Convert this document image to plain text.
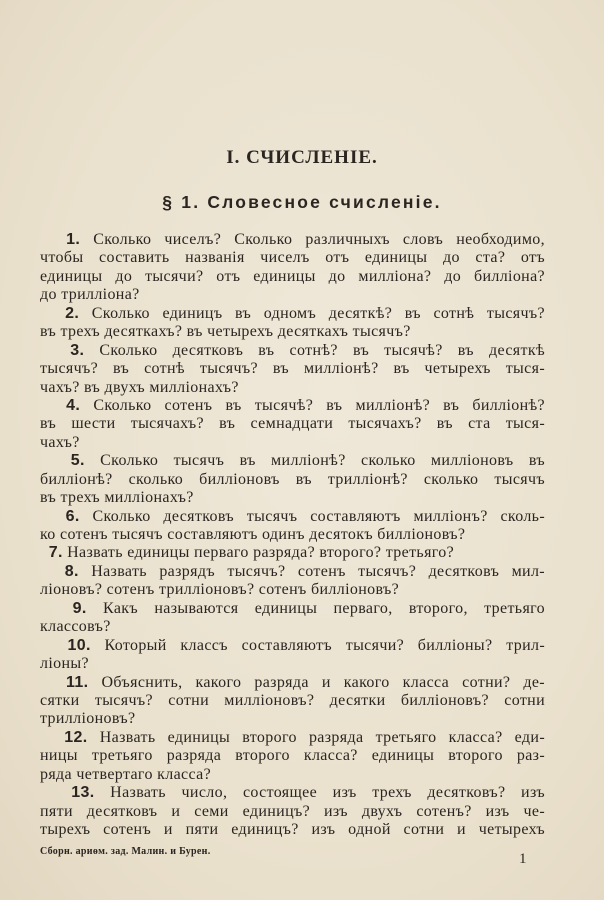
I. СЧИСЛЕНІЕ.
§ 1. Словесное счисленіе.
1. Сколько чиселъ? Сколько различныхъ словъ необходимо,
чтобы составить названія чиселъ отъ единицы до ста? отъ
единицы до тысячи? отъ единицы до милліона? до билліона?
до трилліона?
2. Сколько единицъ въ одномъ десяткѣ? въ сотнѣ тысячъ?
въ трехъ десяткахъ? въ четырехъ десяткахъ тысячъ?
3. Сколько десятковъ въ сотнѣ? въ тысячѣ? въ десяткѣ
тысячъ? въ сотнѣ тысячъ? въ милліонѣ? въ четырехъ тыся-
чахъ? въ двухъ милліонахъ?
4. Сколько сотенъ въ тысячѣ? въ милліонѣ? въ билліонѣ?
въ шести тысячахъ? въ семнадцати тысячахъ? въ ста тыся-
чахъ?
5. Сколько тысячъ въ милліонѣ? сколько милліоновъ въ
билліонѣ? сколько билліоновъ въ трилліонѣ? сколько тысячъ
въ трехъ милліонахъ?
6. Сколько десятковъ тысячъ составляютъ милліонъ? сколь-
ко сотенъ тысячъ составляютъ одинъ десятокъ билліоновъ?
7. Назвать единицы перваго разряда? второго? третьяго?
8. Назвать разрядъ тысячъ? сотенъ тысячъ? десятковъ мил-
ліоновъ? сотенъ трилліоновъ? сотенъ билліоновъ?
9. Какъ называются единицы перваго, второго, третьяго
классовъ?
10. Который классъ составляютъ тысячи? билліоны? трил-
ліоны?
11. Объяснить, какого разряда и какого класса сотни? де-
сятки тысячъ? сотни милліоновъ? десятки билліоновъ? сотни
трилліоновъ?
12. Назвать единицы второго разряда третьяго класса? еди-
ницы третьяго разряда второго класса? единицы второго раз-
ряда четвертаго класса?
13. Назвать число, состоящее изъ трехъ десятковъ? изъ
пяти десятковъ и семи единицъ? изъ двухъ сотенъ? изъ че-
тырехъ сотенъ и пяти единицъ? изъ одной сотни и четырехъ
Сборн. ариѳм. зад. Малин. и Бурен.	1
